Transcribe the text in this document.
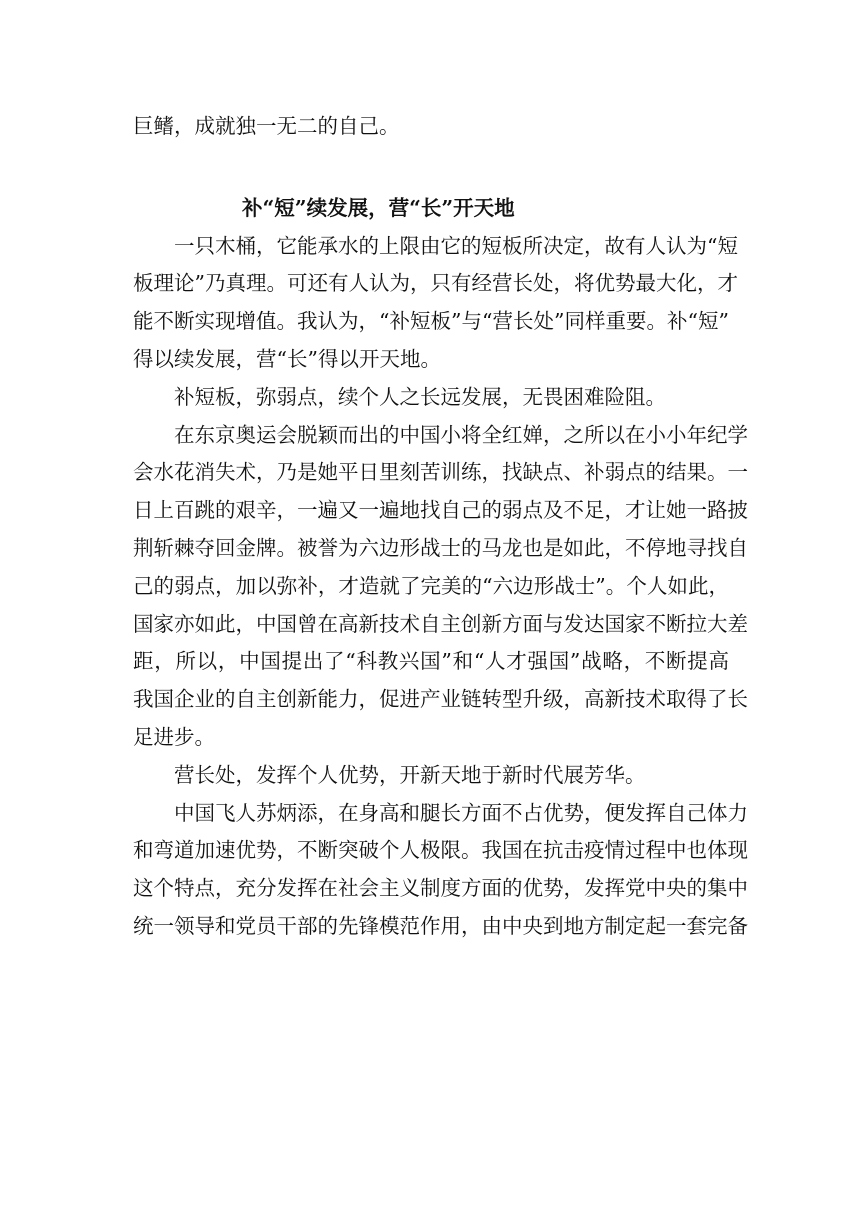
巨鳍，成就独一无二的自己。
补“短”续发展，营“长”开天地
一只木桶，它能承水的上限由它的短板所决定，故有人认为“短
板理论”乃真理。可还有人认为，只有经营长处，将优势最大化，才
能不断实现增值。我认为，“补短板”与“营长处”同样重要。补“短”
得以续发展，营“长”得以开天地。
补短板，弥弱点，续个人之长远发展，无畏困难险阻。
在东京奥运会脱颖而出的中国小将全红婵，之所以在小小年纪学
会水花消失术，乃是她平日里刻苦训练，找缺点、补弱点的结果。一
日上百跳的艰辛，一遍又一遍地找自己的弱点及不足，才让她一路披
荆斩棘夺回金牌。被誉为六边形战士的马龙也是如此，不停地寻找自
己的弱点，加以弥补，才造就了完美的“六边形战士”。个人如此，
国家亦如此，中国曾在高新技术自主创新方面与发达国家不断拉大差
距，所以，中国提出了“科教兴国”和“人才强国”战略，不断提高
我国企业的自主创新能力，促进产业链转型升级，高新技术取得了长
足进步。
营长处，发挥个人优势，开新天地于新时代展芳华。
中国飞人苏炳添，在身高和腿长方面不占优势，便发挥自己体力
和弯道加速优势，不断突破个人极限。我国在抗击疫情过程中也体现
这个特点，充分发挥在社会主义制度方面的优势，发挥党中央的集中
统一领导和党员干部的先锋模范作用，由中央到地方制定起一套完备
